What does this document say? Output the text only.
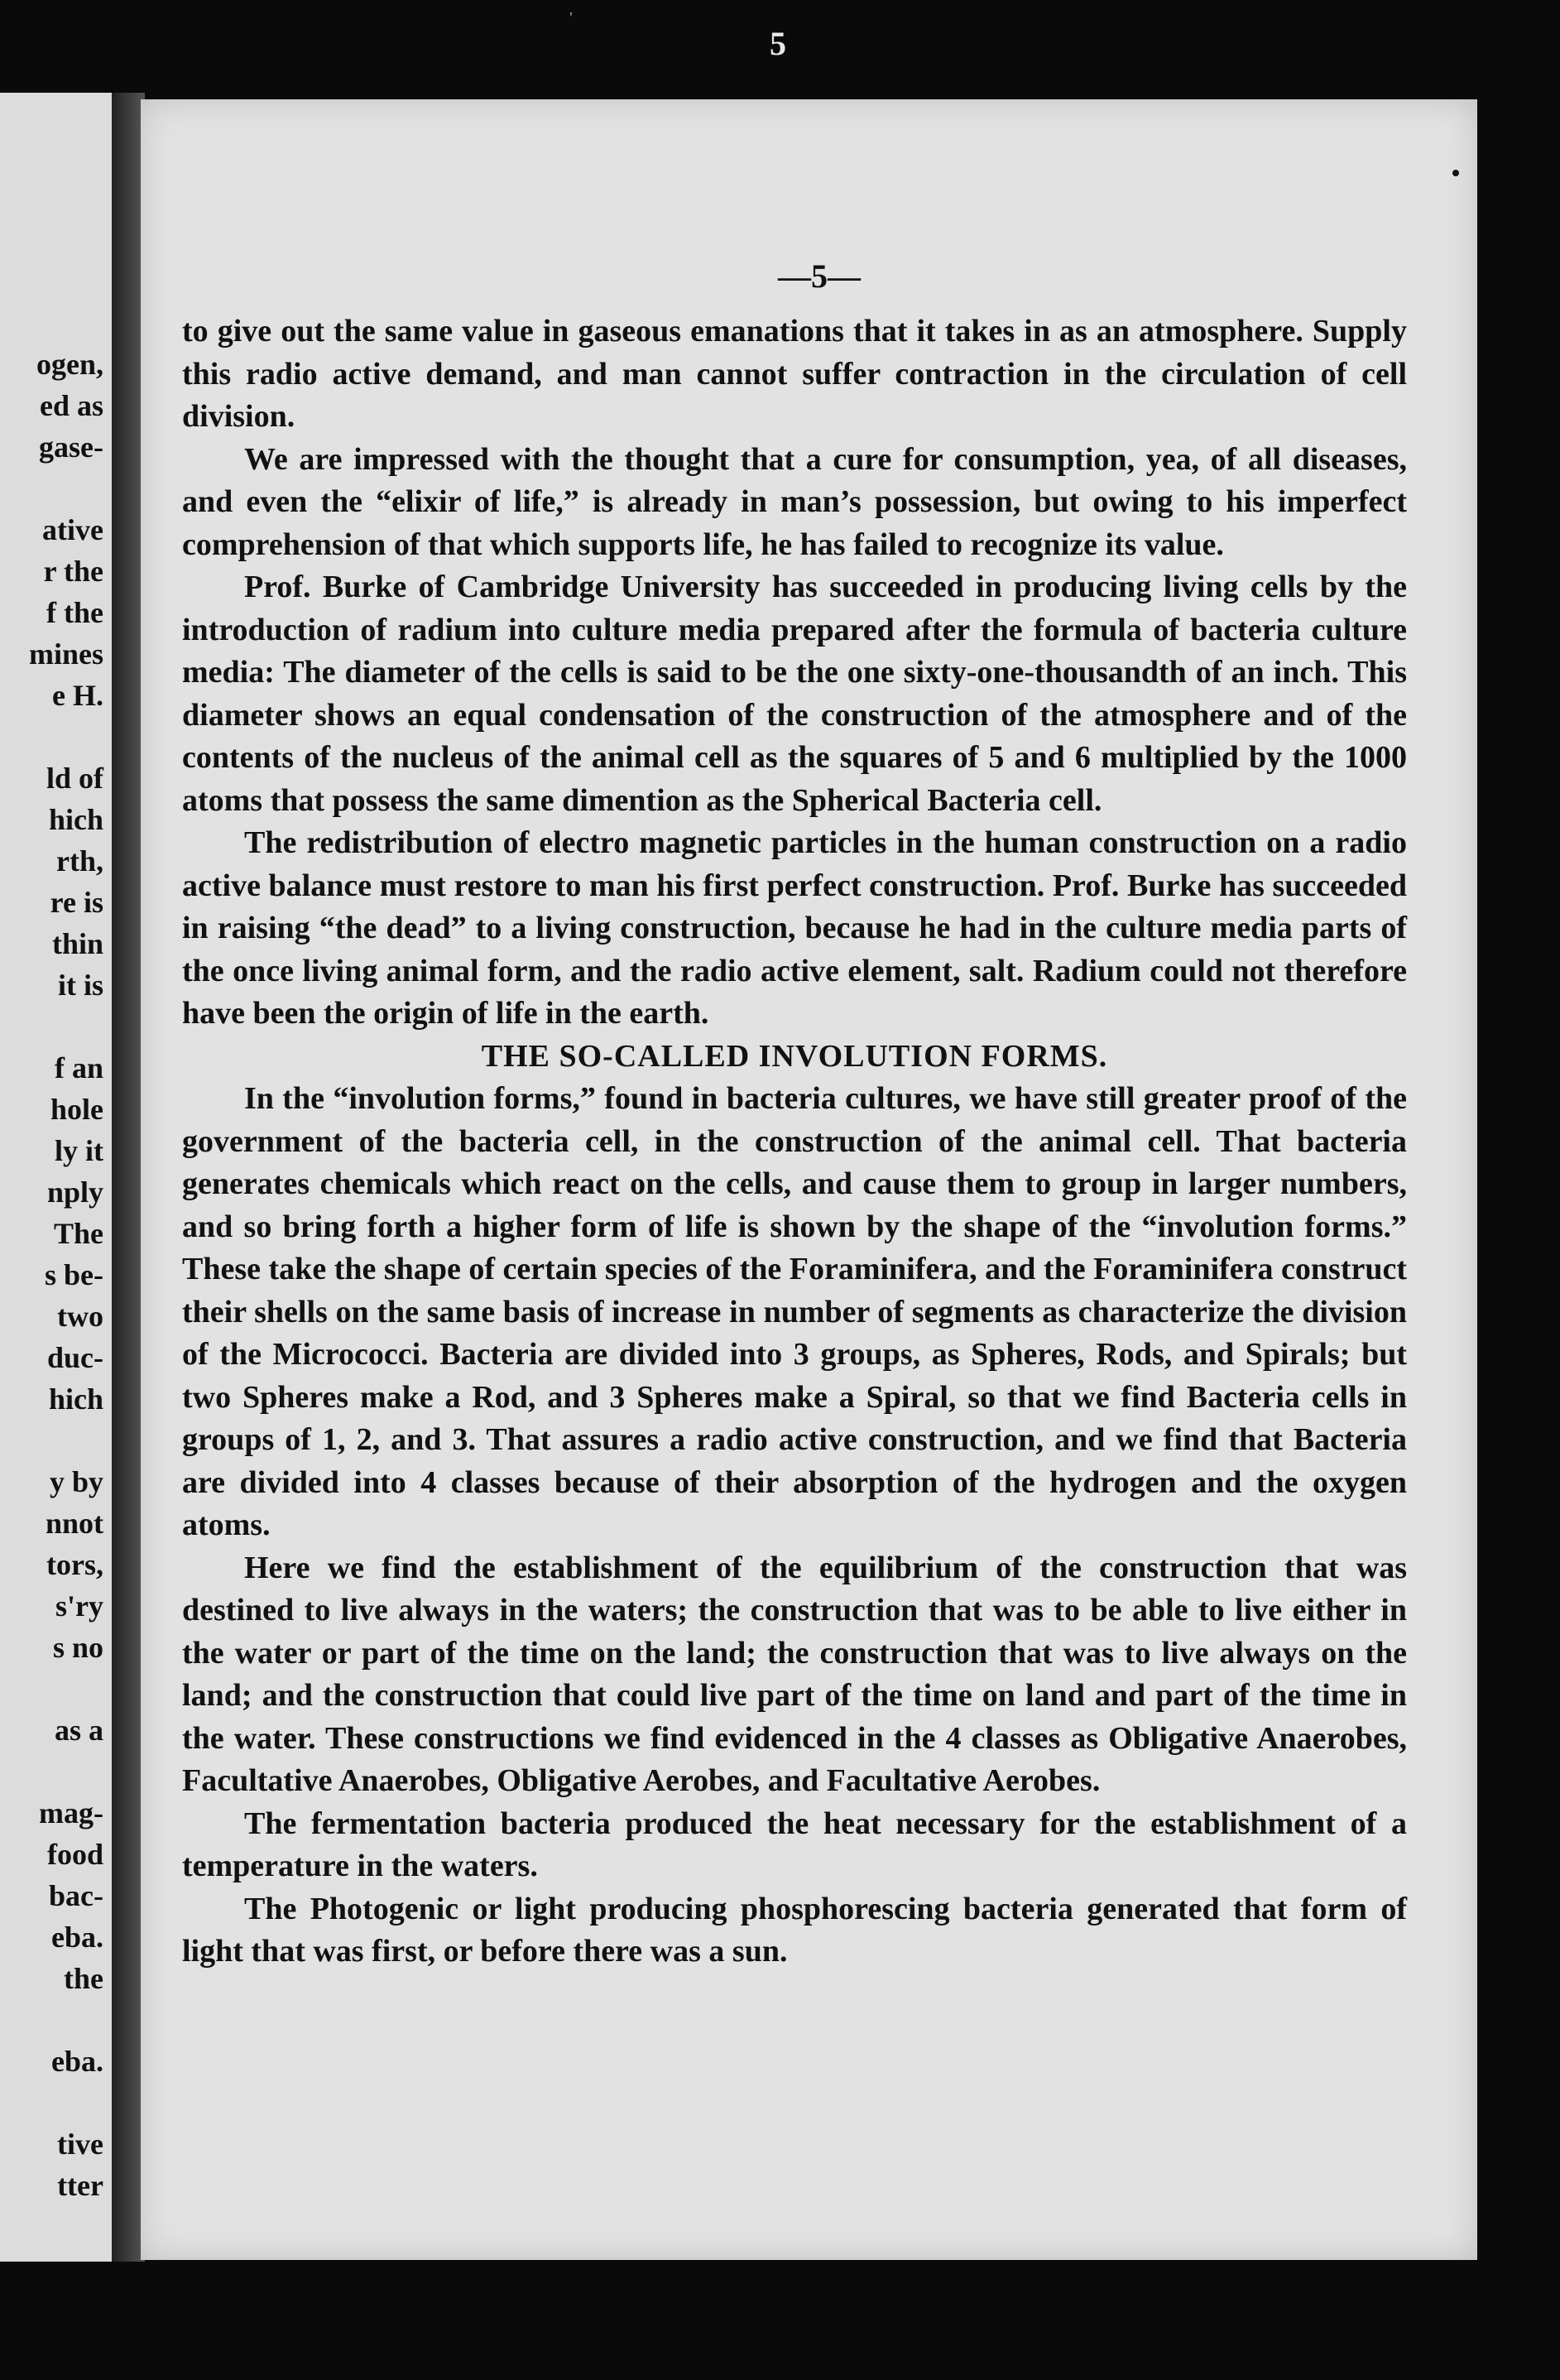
'
5
ogen,
ed as
gase-
ative
r the
f the
mines
e H.
ld of
hich
rth,
re is
thin
it is
f an
hole
ly it
nply
The
s be-
two
duc-
hich
y by
nnot
tors,
s'ry
s no
as a
mag-
food
bac-
eba.
the
eba.
tive
tter
—5—

to give out the same value in gaseous emanations that it takes in as an atmosphere. Supply this radio active demand, and man cannot suffer contraction in the circulation of cell division.

We are impressed with the thought that a cure for consumption, yea, of all diseases, and even the “elixir of life,” is already in man’s possession, but owing to his imperfect comprehension of that which supports life, he has failed to recognize its value.

Prof. Burke of Cambridge University has succeeded in producing living cells by the introduction of radium into culture media prepared after the formula of bacteria culture media: The diameter of the cells is said to be the one sixty-one-thousandth of an inch. This diameter shows an equal condensation of the construction of the atmosphere and of the contents of the nucleus of the animal cell as the squares of 5 and 6 multiplied by the 1000 atoms that possess the same dimention as the Spherical Bacteria cell.

The redistribution of electro magnetic particles in the human construction on a radio active balance must restore to man his first perfect construction. Prof. Burke has succeeded in raising “the dead” to a living construction, because he had in the culture media parts of the once living animal form, and the radio active element, salt. Radium could not therefore have been the origin of life in the earth.

THE SO-CALLED INVOLUTION FORMS.

In the “involution forms,” found in bacteria cultures, we have still greater proof of the government of the bacteria cell, in the construction of the animal cell. That bacteria generates chemicals which react on the cells, and cause them to group in larger numbers, and so bring forth a higher form of life is shown by the shape of the “involution forms.” These take the shape of certain species of the Foraminifera, and the Foraminifera construct their shells on the same basis of increase in number of segments as characterize the division of the Micrococci. Bacteria are divided into 3 groups, as Spheres, Rods, and Spirals; but two Spheres make a Rod, and 3 Spheres make a Spiral, so that we find Bacteria cells in groups of 1, 2, and 3. That assures a radio active construction, and we find that Bacteria are divided into 4 classes because of their absorption of the hydrogen and the oxygen atoms.

Here we find the establishment of the equilibrium of the construction that was destined to live always in the waters; the construction that was to be able to live either in the water or part of the time on the land; the construction that was to live always on the land; and the construction that could live part of the time on land and part of the time in the water. These constructions we find evidenced in the 4 classes as Obligative Anaerobes, Facultative Anaerobes, Obligative Aerobes, and Facultative Aerobes.

The fermentation bacteria produced the heat necessary for the establishment of a temperature in the waters.

The Photogenic or light producing phosphorescing bacteria generated that form of light that was first, or before there was a sun.
